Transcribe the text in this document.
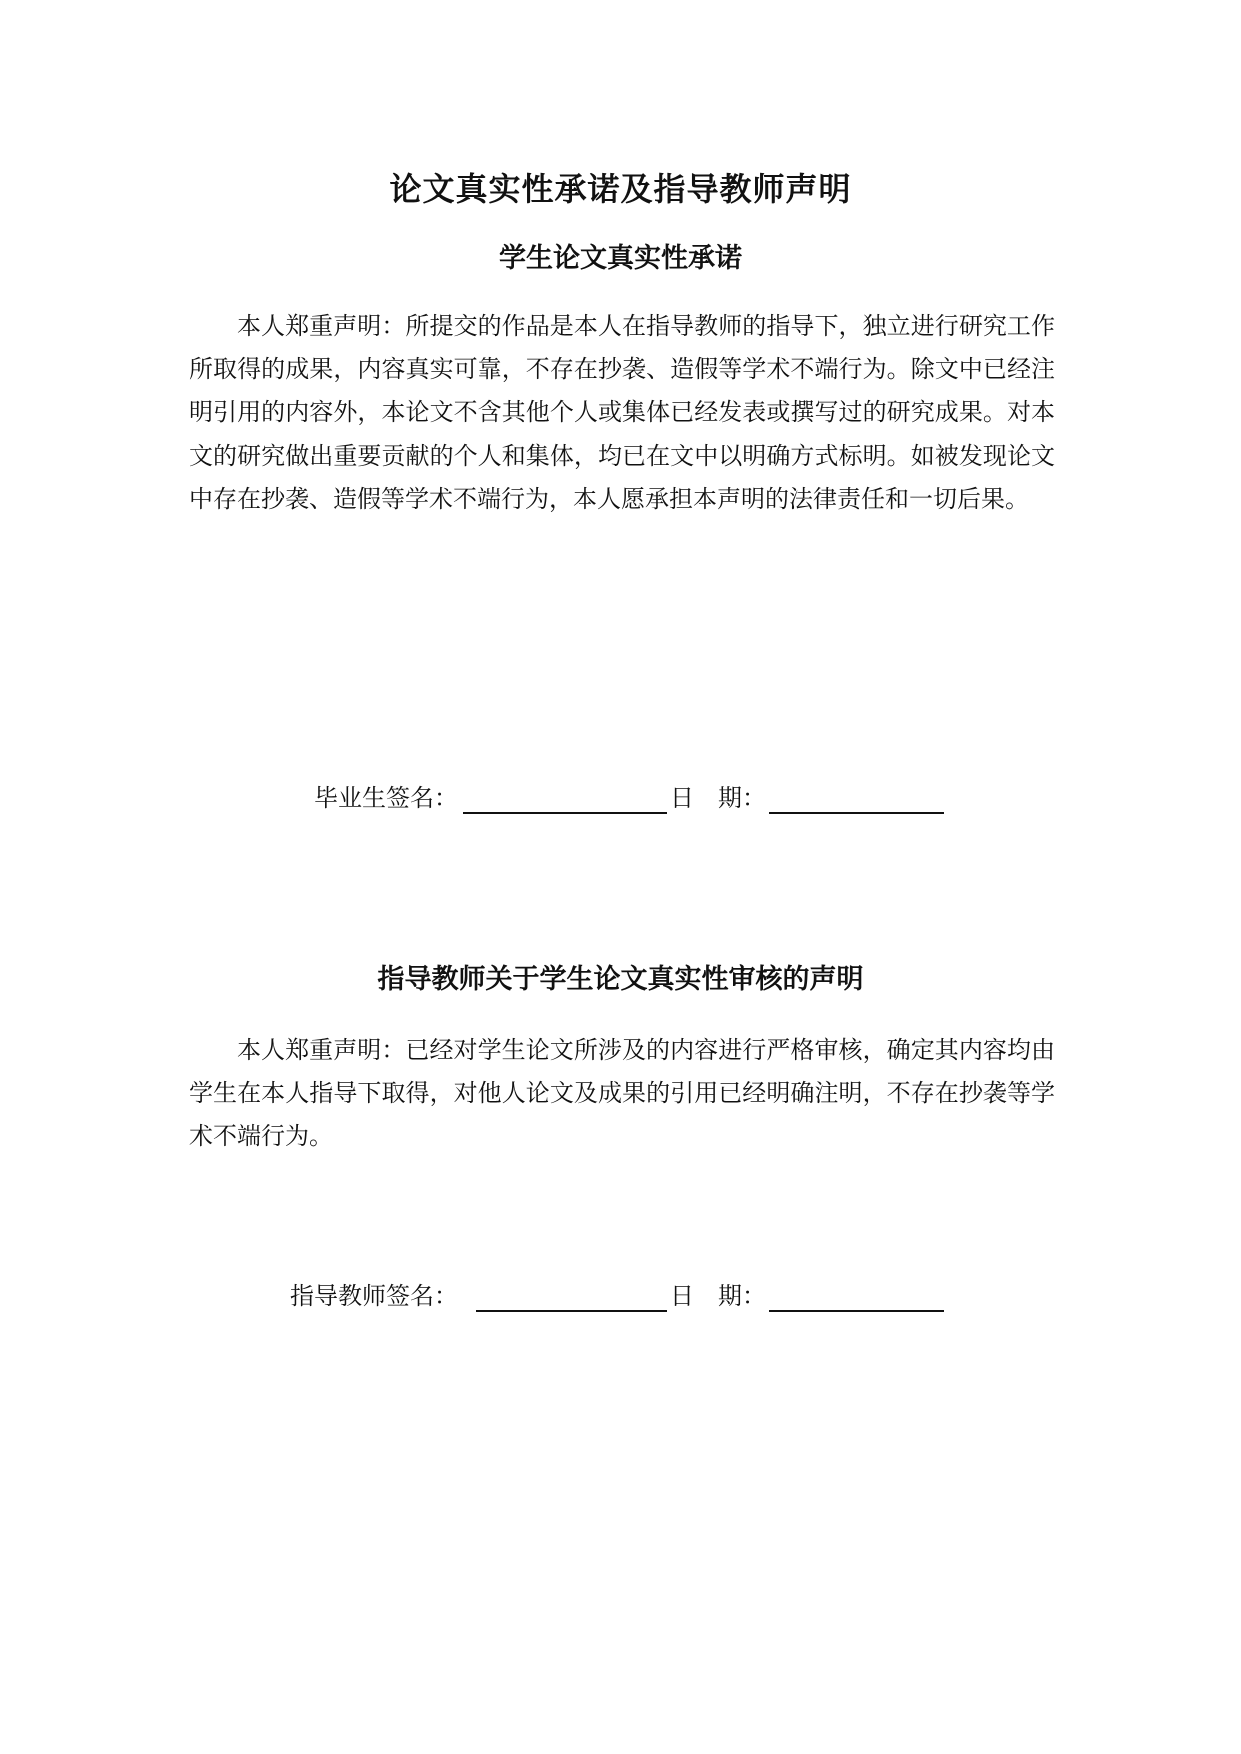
论文真实性承诺及指导教师声明
学生论文真实性承诺

本人郑重声明：所提交的作品是本人在指导教师的指导下，独立进行研究工作所取得的成果，内容真实可靠，不存在抄袭、造假等学术不端行为。除文中已经注明引用的内容外，本论文不含其他个人或集体已经发表或撰写过的研究成果。对本文的研究做出重要贡献的个人和集体，均已在文中以明确方式标明。如被发现论文中存在抄袭、造假等学术不端行为，本人愿承担本声明的法律责任和一切后果。

毕业生签名：	日　期：
指导教师关于学生论文真实性审核的声明

本人郑重声明：已经对学生论文所涉及的内容进行严格审核，确定其内容均由学生在本人指导下取得，对他人论文及成果的引用已经明确注明，不存在抄袭等学术不端行为。

指导教师签名：	日　期：
